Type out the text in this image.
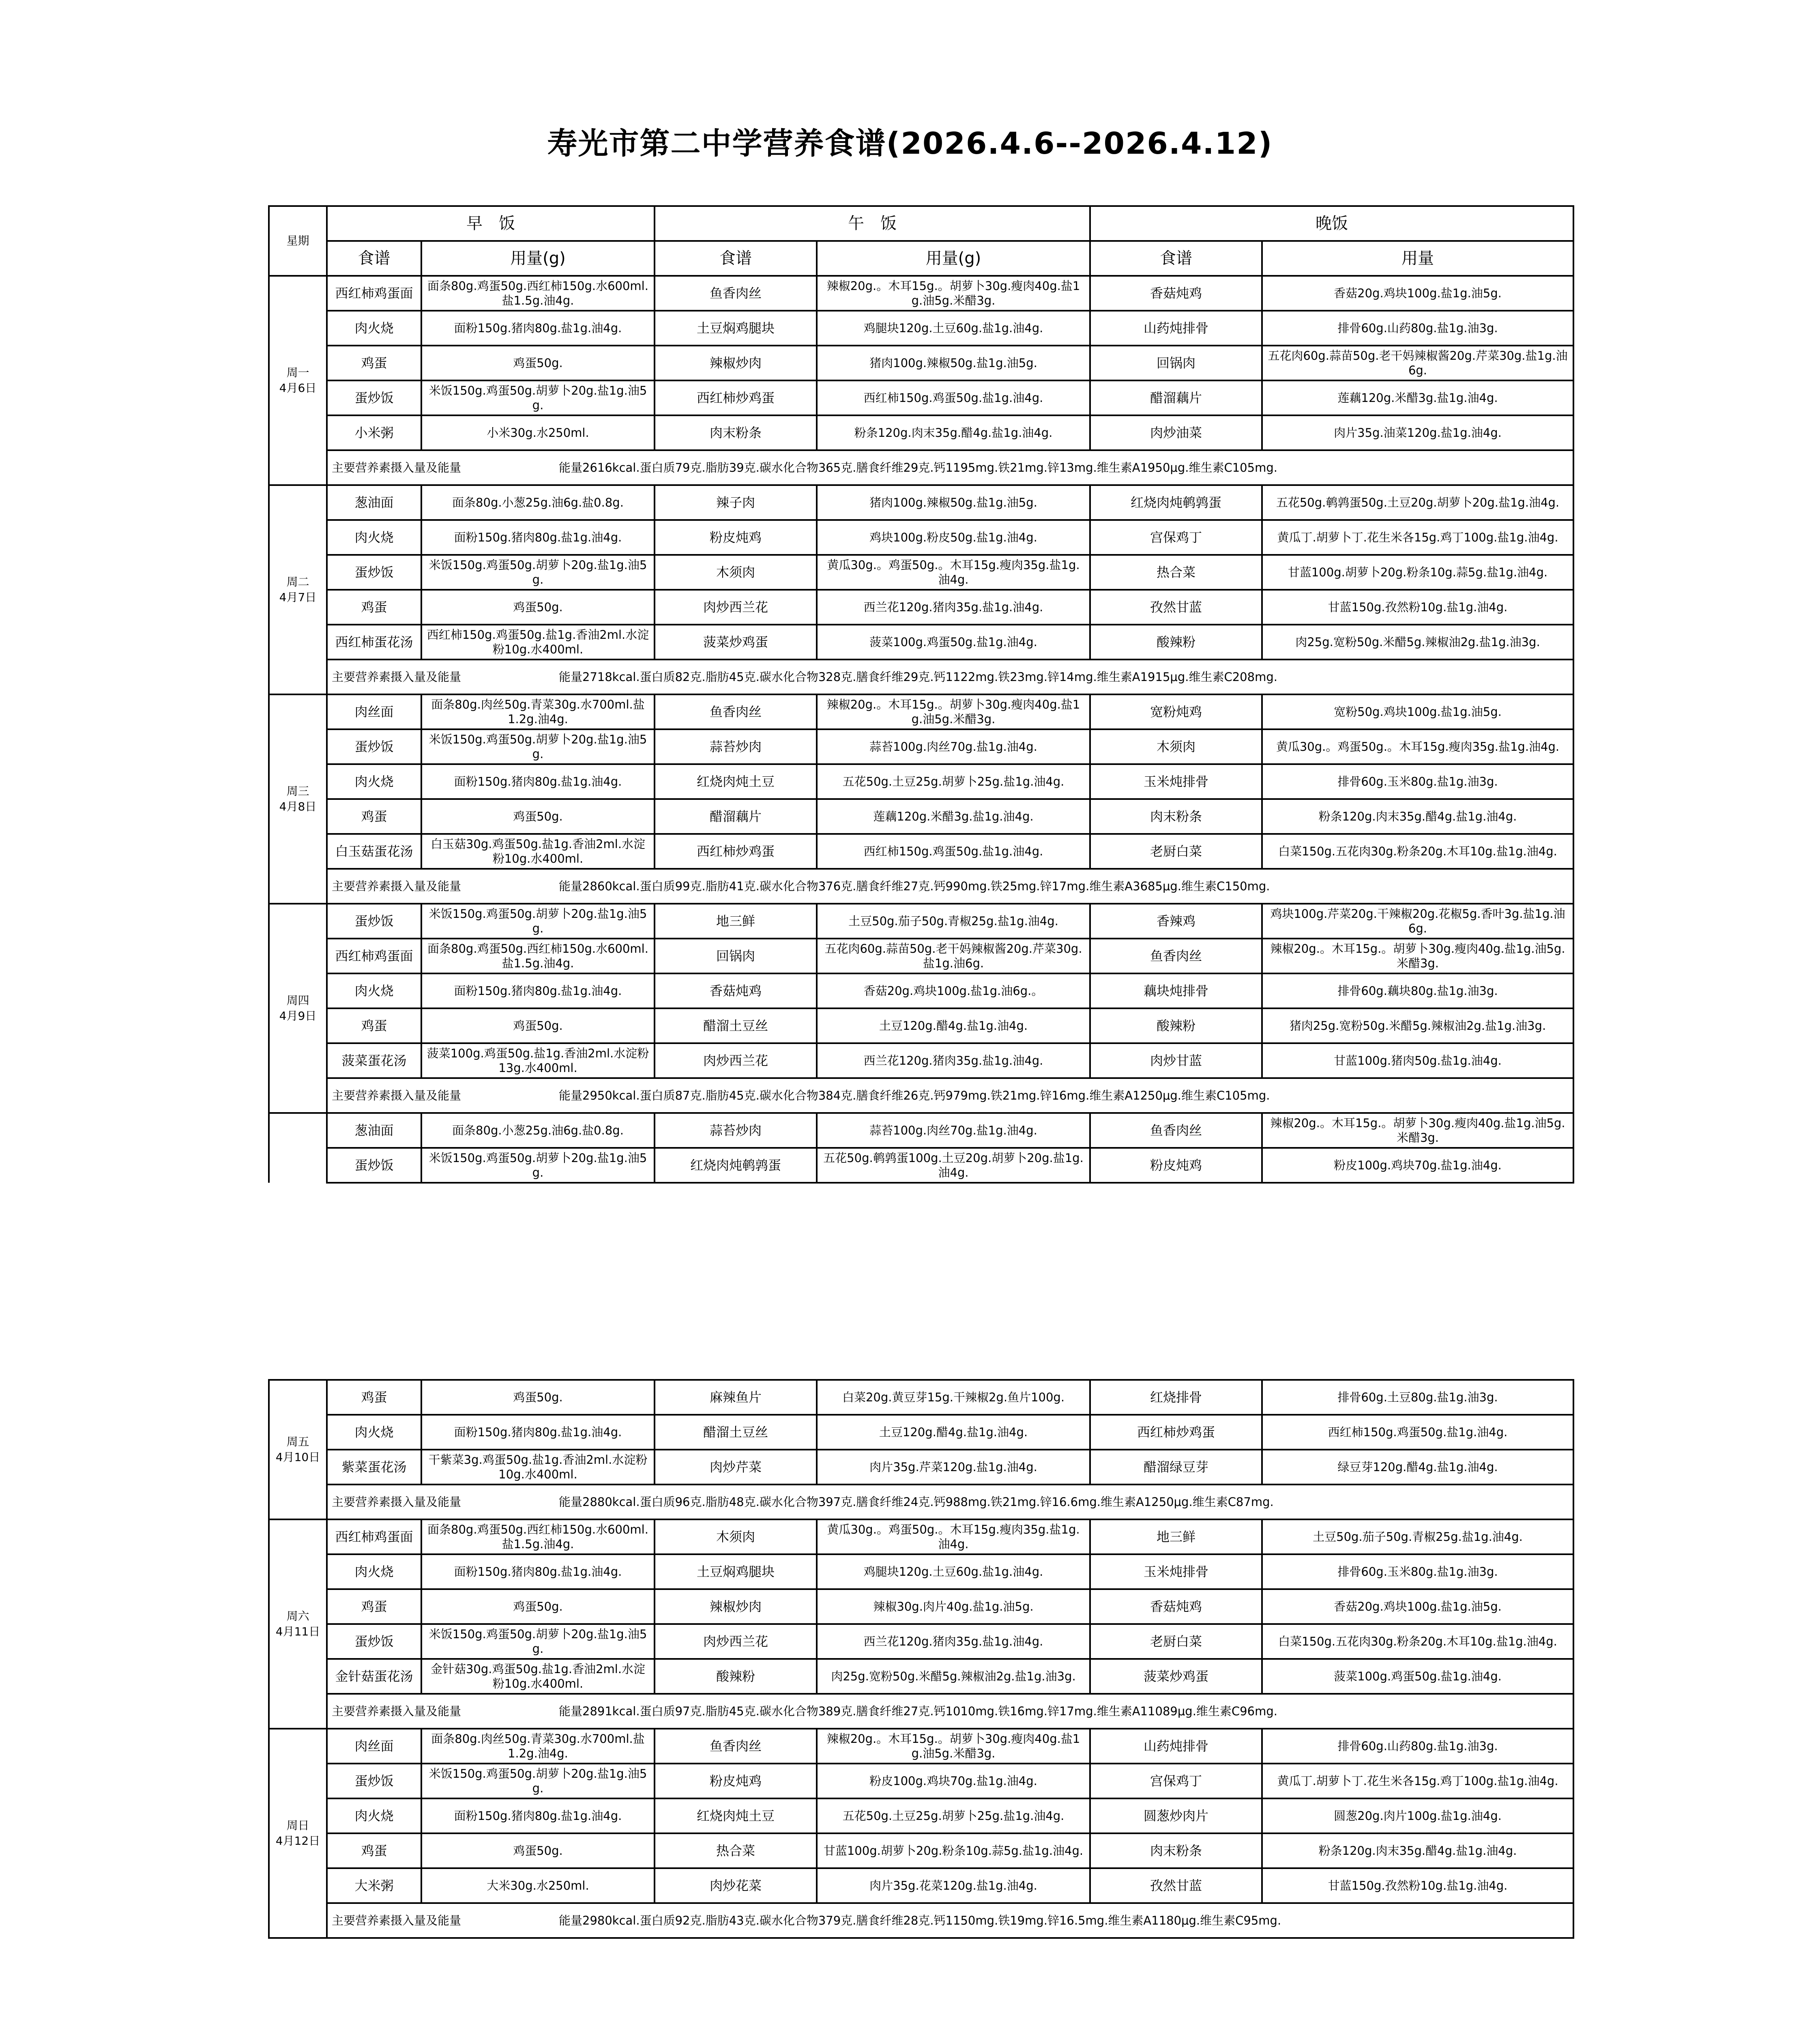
寿光市第二中学营养食谱(2026.4.6--2026.4.12)
星期	早　饭		午　饭		晚饭	
	食谱	用量(g)	食谱	用量(g)	食谱	用量

周一
4月6日	西红柿鸡蛋面	面条80g.鸡蛋50g.西红柿150g.水600ml.盐1.5g.油4g.	鱼香肉丝	辣椒20g.。木耳15g.。胡萝卜30g.瘦肉40g.盐1g.油5g.米醋3g.	香菇炖鸡	香菇20g.鸡块100g.盐1g.油5g.
	肉火烧	面粉150g.猪肉80g.盐1g.油4g.	土豆焖鸡腿块	鸡腿块120g.土豆60g.盐1g.油4g.	山药炖排骨	排骨60g.山药80g.盐1g.油3g.
	鸡蛋	鸡蛋50g.	辣椒炒肉	猪肉100g.辣椒50g.盐1g.油5g.	回锅肉	五花肉60g.蒜苗50g.老干妈辣椒酱20g.芹菜30g.盐1g.油6g.
	蛋炒饭	米饭150g.鸡蛋50g.胡萝卜20g.盐1g.油5g.	西红柿炒鸡蛋	西红柿150g.鸡蛋50g.盐1g.油4g.	醋溜藕片	莲藕120g.米醋3g.盐1g.油4g.
	小米粥	小米30g.水250ml.	肉末粉条	粉条120g.肉末35g.醋4g.盐1g.油4g.	肉炒油菜	肉片35g.油菜120g.盐1g.油4g.
	主要营养素摄入量及能量 能量2616kcal.蛋白质79克.脂肪39克.碳水化合物365克.膳食纤维29克.钙1195mg.铁21mg.锌13mg.维生素A1950μg.维生素C105mg.					

周二
4月7日	葱油面	面条80g.小葱25g.油6g.盐0.8g.	辣子肉	猪肉100g.辣椒50g.盐1g.油5g.	红烧肉炖鹌鹑蛋	五花50g.鹌鹑蛋50g.土豆20g.胡萝卜20g.盐1g.油4g.
	肉火烧	面粉150g.猪肉80g.盐1g.油4g.	粉皮炖鸡	鸡块100g.粉皮50g.盐1g.油4g.	宫保鸡丁	黄瓜丁.胡萝卜丁.花生米各15g.鸡丁100g.盐1g.油4g.
	蛋炒饭	米饭150g.鸡蛋50g.胡萝卜20g.盐1g.油5g.	木须肉	黄瓜30g.。鸡蛋50g.。木耳15g.瘦肉35g.盐1g.油4g.	热合菜	甘蓝100g.胡萝卜20g.粉条10g.蒜5g.盐1g.油4g.
	鸡蛋	鸡蛋50g.	肉炒西兰花	西兰花120g.猪肉35g.盐1g.油4g.	孜然甘蓝	甘蓝150g.孜然粉10g.盐1g.油4g.
	西红柿蛋花汤	西红柿150g.鸡蛋50g.盐1g.香油2ml.水淀粉10g.水400ml.	菠菜炒鸡蛋	菠菜100g.鸡蛋50g.盐1g.油4g.	酸辣粉	肉25g.宽粉50g.米醋5g.辣椒油2g.盐1g.油3g.
	主要营养素摄入量及能量 能量2718kcal.蛋白质82克.脂肪45克.碳水化合物328克.膳食纤维29克.钙1122mg.铁23mg.锌14mg.维生素A1915μg.维生素C208mg.					

周三
4月8日	肉丝面	面条80g.肉丝50g.青菜30g.水700ml.盐1.2g.油4g.	鱼香肉丝	辣椒20g.。木耳15g.。胡萝卜30g.瘦肉40g.盐1g.油5g.米醋3g.	宽粉炖鸡	宽粉50g.鸡块100g.盐1g.油5g.
	蛋炒饭	米饭150g.鸡蛋50g.胡萝卜20g.盐1g.油5g.	蒜苔炒肉	蒜苔100g.肉丝70g.盐1g.油4g.	木须肉	黄瓜30g.。鸡蛋50g.。木耳15g.瘦肉35g.盐1g.油4g.
	肉火烧	面粉150g.猪肉80g.盐1g.油4g.	红烧肉炖土豆	五花50g.土豆25g.胡萝卜25g.盐1g.油4g.	玉米炖排骨	排骨60g.玉米80g.盐1g.油3g.
	鸡蛋	鸡蛋50g.	醋溜藕片	莲藕120g.米醋3g.盐1g.油4g.	肉末粉条	粉条120g.肉末35g.醋4g.盐1g.油4g.
	白玉菇蛋花汤	白玉菇30g.鸡蛋50g.盐1g.香油2ml.水淀粉10g.水400ml.	西红柿炒鸡蛋	西红柿150g.鸡蛋50g.盐1g.油4g.	老厨白菜	白菜150g.五花肉30g.粉条20g.木耳10g.盐1g.油4g.
	主要营养素摄入量及能量 能量2860kcal.蛋白质99克.脂肪41克.碳水化合物376克.膳食纤维27克.钙990mg.铁25mg.锌17mg.维生素A3685μg.维生素C150mg.					

周四
4月9日	蛋炒饭	米饭150g.鸡蛋50g.胡萝卜20g.盐1g.油5g.	地三鲜	土豆50g.茄子50g.青椒25g.盐1g.油4g.	香辣鸡	鸡块100g.芹菜20g.干辣椒20g.花椒5g.香叶3g.盐1g.油6g.
	西红柿鸡蛋面	面条80g.鸡蛋50g.西红柿150g.水600ml.盐1.5g.油4g.	回锅肉	五花肉60g.蒜苗50g.老干妈辣椒酱20g.芹菜30g.盐1g.油6g.	鱼香肉丝	辣椒20g.。木耳15g.。胡萝卜30g.瘦肉40g.盐1g.油5g.米醋3g.
	肉火烧	面粉150g.猪肉80g.盐1g.油4g.	香菇炖鸡	香菇20g.鸡块100g.盐1g.油6g.。	藕块炖排骨	排骨60g.藕块80g.盐1g.油3g.
	鸡蛋	鸡蛋50g.	醋溜土豆丝	土豆120g.醋4g.盐1g.油4g.	酸辣粉	猪肉25g.宽粉50g.米醋5g.辣椒油2g.盐1g.油3g.
	菠菜蛋花汤	菠菜100g.鸡蛋50g.盐1g.香油2ml.水淀粉13g.水400ml.	肉炒西兰花	西兰花120g.猪肉35g.盐1g.油4g.	肉炒甘蓝	甘蓝100g.猪肉50g.盐1g.油4g.
	主要营养素摄入量及能量 能量2950kcal.蛋白质87克.脂肪45克.碳水化合物384克.膳食纤维26克.钙979mg.铁21mg.锌16mg.维生素A1250μg.维生素C105mg.					
	葱油面	面条80g.小葱25g.油6g.盐0.8g.	蒜苔炒肉	蒜苔100g.肉丝70g.盐1g.油4g.	鱼香肉丝	辣椒20g.。木耳15g.。胡萝卜30g.瘦肉40g.盐1g.油5g.米醋3g.
	蛋炒饭	米饭150g.鸡蛋50g.胡萝卜20g.盐1g.油5g.	红烧肉炖鹌鹑蛋	五花50g.鹌鹑蛋100g.土豆20g.胡萝卜20g.盐1g.油4g.	粉皮炖鸡	粉皮100g.鸡块70g.盐1g.油4g.
周五
4月10日	鸡蛋	鸡蛋50g.	麻辣鱼片	白菜20g.黄豆芽15g.干辣椒2g.鱼片100g.	红烧排骨	排骨60g.土豆80g.盐1g.油3g.
	肉火烧	面粉150g.猪肉80g.盐1g.油4g.	醋溜土豆丝	土豆120g.醋4g.盐1g.油4g.	西红柿炒鸡蛋	西红柿150g.鸡蛋50g.盐1g.油4g.
	紫菜蛋花汤	干紫菜3g.鸡蛋50g.盐1g.香油2ml.水淀粉10g.水400ml.	肉炒芹菜	肉片35g.芹菜120g.盐1g.油4g.	醋溜绿豆芽	绿豆芽120g.醋4g.盐1g.油4g.
	主要营养素摄入量及能量 能量2880kcal.蛋白质96克.脂肪48克.碳水化合物397克.膳食纤维24克.钙988mg.铁21mg.锌16.6mg.维生素A1250μg.维生素C87mg.					

周六
4月11日	西红柿鸡蛋面	面条80g.鸡蛋50g.西红柿150g.水600ml.盐1.5g.油4g.	木须肉	黄瓜30g.。鸡蛋50g.。木耳15g.瘦肉35g.盐1g.油4g.	地三鲜	土豆50g.茄子50g.青椒25g.盐1g.油4g.
	肉火烧	面粉150g.猪肉80g.盐1g.油4g.	土豆焖鸡腿块	鸡腿块120g.土豆60g.盐1g.油4g.	玉米炖排骨	排骨60g.玉米80g.盐1g.油3g.
	鸡蛋	鸡蛋50g.	辣椒炒肉	辣椒30g.肉片40g.盐1g.油5g.	香菇炖鸡	香菇20g.鸡块100g.盐1g.油5g.
	蛋炒饭	米饭150g.鸡蛋50g.胡萝卜20g.盐1g.油5g.	肉炒西兰花	西兰花120g.猪肉35g.盐1g.油4g.	老厨白菜	白菜150g.五花肉30g.粉条20g.木耳10g.盐1g.油4g.
	金针菇蛋花汤	金针菇30g.鸡蛋50g.盐1g.香油2ml.水淀粉10g.水400ml.	酸辣粉	肉25g.宽粉50g.米醋5g.辣椒油2g.盐1g.油3g.	菠菜炒鸡蛋	菠菜100g.鸡蛋50g.盐1g.油4g.
	主要营养素摄入量及能量 能量2891kcal.蛋白质97克.脂肪45克.碳水化合物389克.膳食纤维27克.钙1010mg.铁16mg.锌17mg.维生素A11089μg.维生素C96mg.					

周日
4月12日	肉丝面	面条80g.肉丝50g.青菜30g.水700ml.盐1.2g.油4g.	鱼香肉丝	辣椒20g.。木耳15g.。胡萝卜30g.瘦肉40g.盐1g.油5g.米醋3g.	山药炖排骨	排骨60g.山药80g.盐1g.油3g.
	蛋炒饭	米饭150g.鸡蛋50g.胡萝卜20g.盐1g.油5g.	粉皮炖鸡	粉皮100g.鸡块70g.盐1g.油4g.	宫保鸡丁	黄瓜丁.胡萝卜丁.花生米各15g.鸡丁100g.盐1g.油4g.
	肉火烧	面粉150g.猪肉80g.盐1g.油4g.	红烧肉炖土豆	五花50g.土豆25g.胡萝卜25g.盐1g.油4g.	圆葱炒肉片	圆葱20g.肉片100g.盐1g.油4g.
	鸡蛋	鸡蛋50g.	热合菜	甘蓝100g.胡萝卜20g.粉条10g.蒜5g.盐1g.油4g.	肉末粉条	粉条120g.肉末35g.醋4g.盐1g.油4g.
	大米粥	大米30g.水250ml.	肉炒花菜	肉片35g.花菜120g.盐1g.油4g.	孜然甘蓝	甘蓝150g.孜然粉10g.盐1g.油4g.
	主要营养素摄入量及能量 能量2980kcal.蛋白质92克.脂肪43克.碳水化合物379克.膳食纤维28克.钙1150mg.铁19mg.锌16.5mg.维生素A1180μg.维生素C95mg.					
